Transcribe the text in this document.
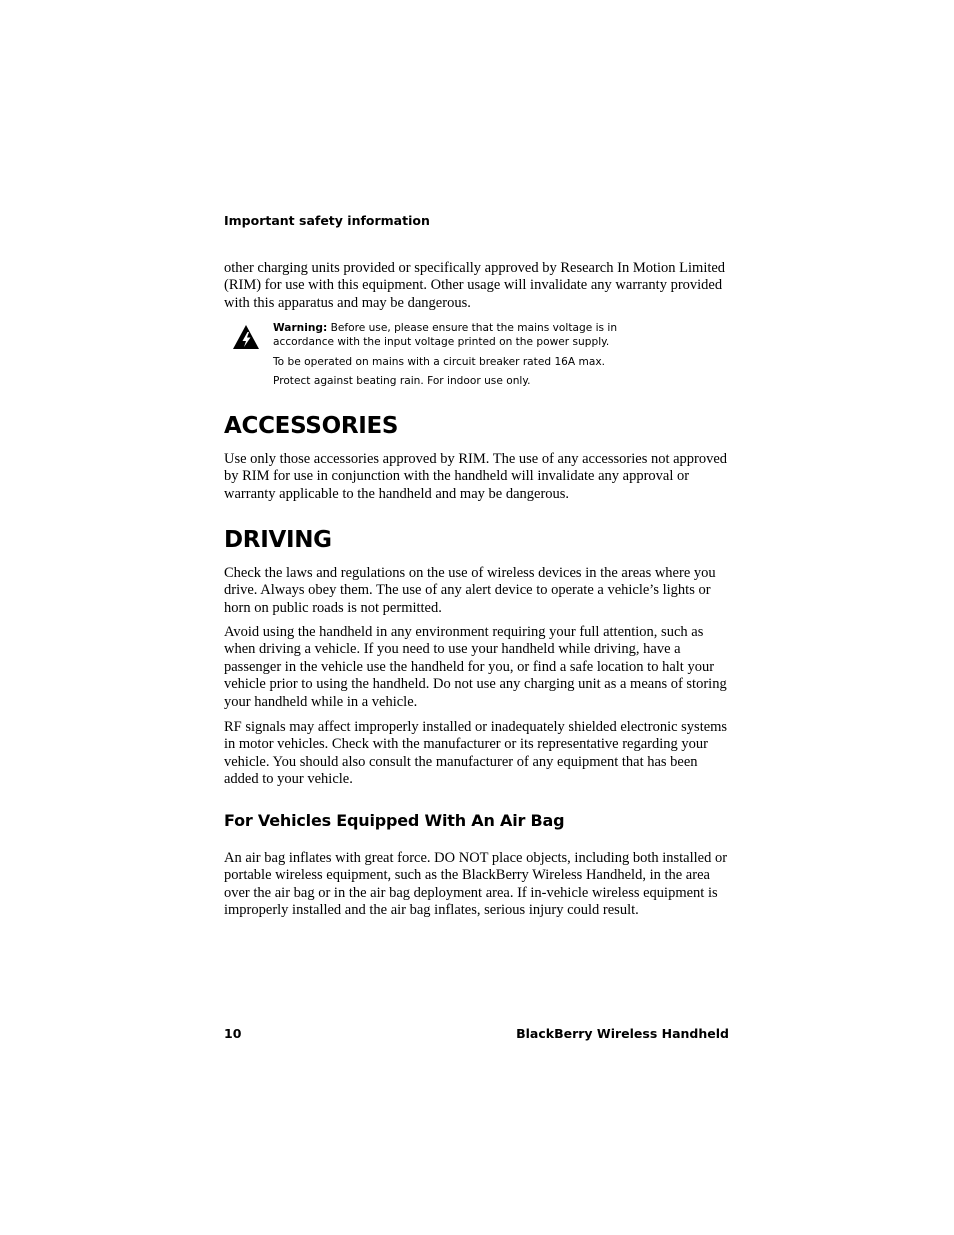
Important safety information

other charging units provided or specifically approved by Research In Motion Limited (RIM) for use with this equipment. Other usage will invalidate any warranty provided with this apparatus and may be dangerous.

Warning: Before use, please ensure that the mains voltage is in accordance with the input voltage printed on the power supply.
To be operated on mains with a circuit breaker rated 16A max.
Protect against beating rain. For indoor use only.
ACCESSORIES

Use only those accessories approved by RIM. The use of any accessories not approved by RIM for use in conjunction with the handheld will invalidate any approval or warranty applicable to the handheld and may be dangerous.

DRIVING

Check the laws and regulations on the use of wireless devices in the areas where you drive. Always obey them. The use of any alert device to operate a vehicle’s lights or horn on public roads is not permitted.

Avoid using the handheld in any environment requiring your full attention, such as when driving a vehicle. If you need to use your handheld while driving, have a passenger in the vehicle use the handheld for you, or find a safe location to halt your vehicle prior to using the handheld. Do not use any charging unit as a means of storing your handheld while in a vehicle.

RF signals may affect improperly installed or inadequately shielded electronic systems in motor vehicles. Check with the manufacturer or its representative regarding your vehicle. You should also consult the manufacturer of any equipment that has been added to your vehicle.

For Vehicles Equipped With An Air Bag

An air bag inflates with great force. DO NOT place objects, including both installed or portable wireless equipment, such as the BlackBerry Wireless Handheld, in the area over the air bag or in the air bag deployment area. If in-vehicle wireless equipment is improperly installed and the air bag inflates, serious injury could result.

10	BlackBerry Wireless Handheld
